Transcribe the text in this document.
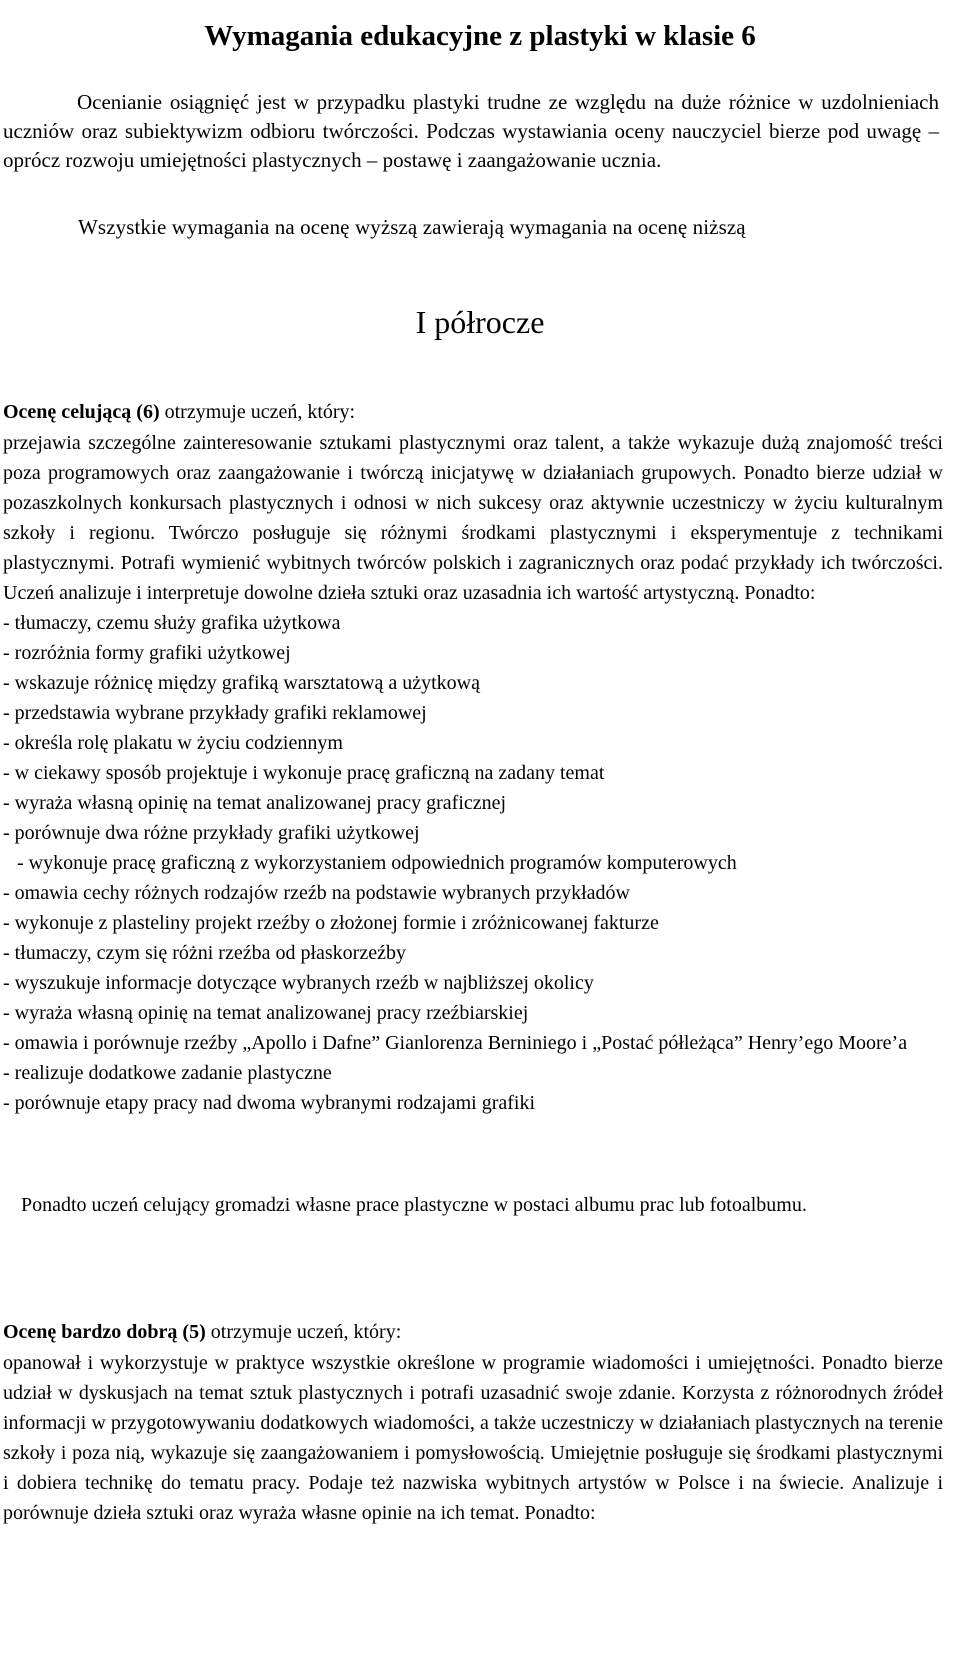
Wymagania edukacyjne z plastyki w klasie 6

Ocenianie osiągnięć jest w przypadku plastyki trudne ze względu na duże różnice w uzdolnieniach uczniów oraz subiektywizm odbioru twórczości. Podczas wystawiania oceny nauczyciel bierze pod uwagę – oprócz rozwoju umiejętności plastycznych – postawę i zaangażowanie ucznia.

Wszystkie wymagania na ocenę wyższą zawierają wymagania na ocenę niższą

I półrocze

Ocenę celującą (6) otrzymuje uczeń, który:

przejawia szczególne zainteresowanie sztukami plastycznymi oraz talent, a także wykazuje dużą znajomość treści poza programowych oraz zaangażowanie i twórczą inicjatywę w działaniach grupowych. Ponadto bierze udział w pozaszkolnych konkursach plastycznych i odnosi w nich sukcesy oraz aktywnie uczestniczy w życiu kulturalnym szkoły i regionu. Twórczo posługuje się różnymi środkami plastycznymi i eksperymentuje z technikami plastycznymi. Potrafi wymienić wybitnych twórców polskich i zagranicznych oraz podać przykłady ich twórczości. Uczeń analizuje i interpretuje dowolne dzieła sztuki oraz uzasadnia ich wartość artystyczną. Ponadto:

- tłumaczy, czemu służy grafika użytkowa
- rozróżnia formy grafiki użytkowej
- wskazuje różnicę między grafiką warsztatową a użytkową
- przedstawia wybrane przykłady grafiki reklamowej
- określa rolę plakatu w życiu codziennym
- w ciekawy sposób projektuje i wykonuje pracę graficzną na zadany temat
- wyraża własną opinię na temat analizowanej pracy graficznej
- porównuje dwa różne przykłady grafiki użytkowej
- wykonuje pracę graficzną z wykorzystaniem odpowiednich programów komputerowych
- omawia cechy różnych rodzajów rzeźb na podstawie wybranych przykładów
- wykonuje z plasteliny projekt rzeźby o złożonej formie i zróżnicowanej fakturze
- tłumaczy, czym się różni rzeźba od płaskorzeźby
- wyszukuje informacje dotyczące wybranych rzeźb w najbliższej okolicy
- wyraża własną opinię na temat analizowanej pracy rzeźbiarskiej
- omawia i porównuje rzeźby „Apollo i Dafne” Gianlorenza Berniniego i „Postać półleżąca” Henry’ego Moore’a
- realizuje dodatkowe zadanie plastyczne
- porównuje etapy pracy nad dwoma wybranymi rodzajami grafiki

Ponadto uczeń celujący gromadzi własne prace plastyczne w postaci albumu prac lub fotoalbumu.

Ocenę bardzo dobrą (5) otrzymuje uczeń, który:

opanował i wykorzystuje w praktyce wszystkie określone w programie wiadomości i umiejętności. Ponadto bierze udział w dyskusjach na temat sztuk plastycznych i potrafi uzasadnić swoje zdanie. Korzysta z różnorodnych źródeł informacji w przygotowywaniu dodatkowych wiadomości, a także uczestniczy w działaniach plastycznych na terenie szkoły i poza nią, wykazuje się zaangażowaniem i pomysłowością. Umiejętnie posługuje się środkami plastycznymi i dobiera technikę do tematu pracy. Podaje też nazwiska wybitnych artystów w Polsce i na świecie. Analizuje i porównuje dzieła sztuki oraz wyraża własne opinie na ich temat. Ponadto:
